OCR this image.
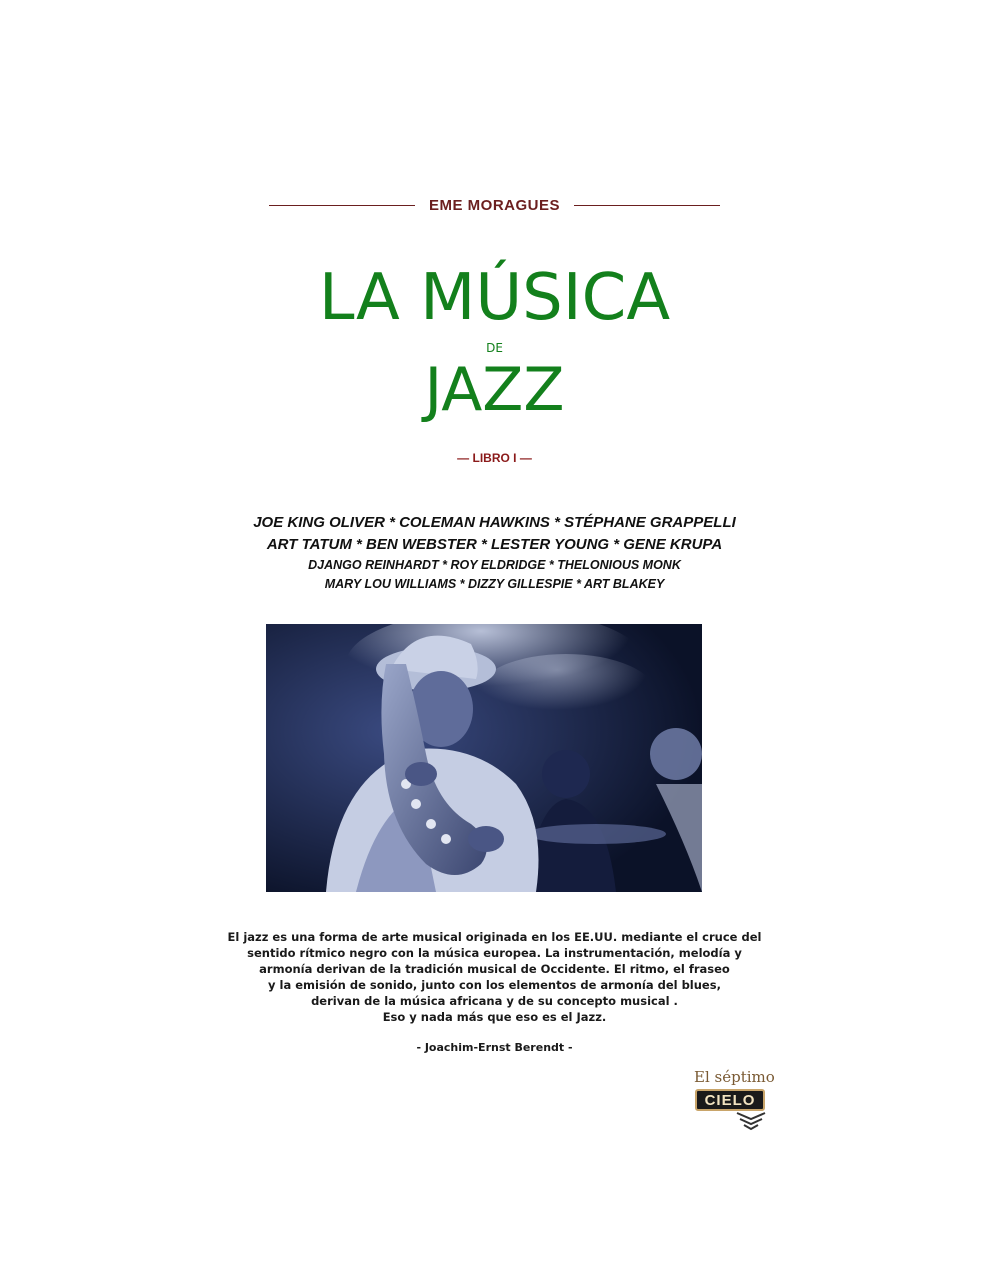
EME MORAGUES
LA MÚSICA
DE
JAZZ
— LIBRO I —
JOE KING OLIVER * COLEMAN HAWKINS * STÉPHANE GRAPPELLI
ART TATUM * BEN WEBSTER * LESTER YOUNG * GENE KRUPA
DJANGO REINHARDT * ROY ELDRIDGE * THELONIOUS MONK
MARY LOU WILLIAMS * DIZZY GILLESPIE * ART BLAKEY
El jazz es una forma de arte musical originada en los EE.UU. mediante el cruce del
sentido rítmico negro con la música europea. La instrumentación, melodía y
armonía derivan de la tradición musical de Occidente. El ritmo, el fraseo
y la emisión de sonido, junto con los elementos de armonía del blues,
derivan de la música africana y de su concepto musical .
Eso y nada más que eso es el Jazz.
- Joachim-Ernst Berendt -
El séptimo
CIELO
